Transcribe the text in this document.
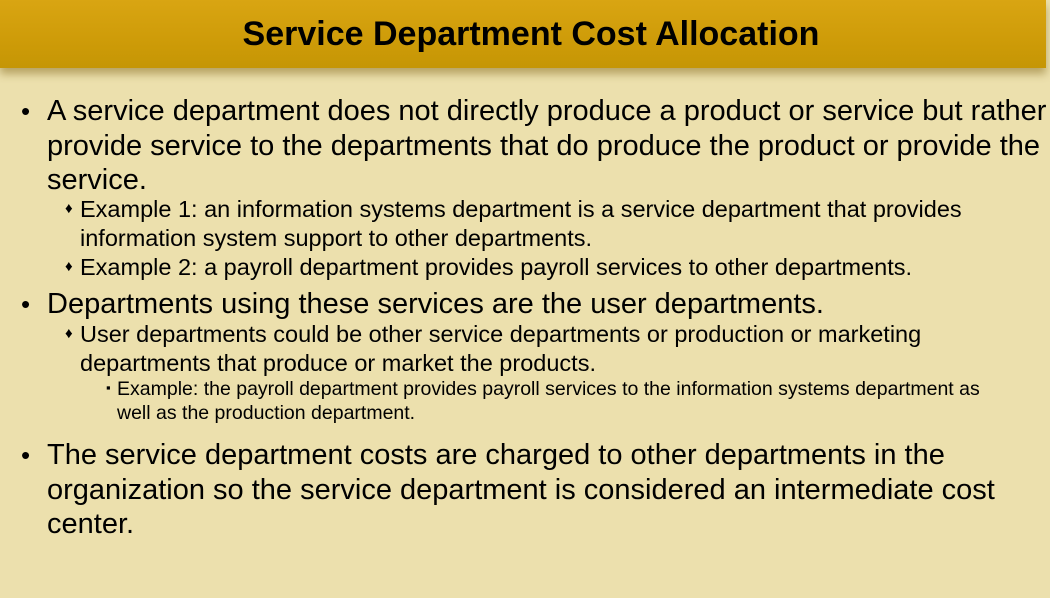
Service Department Cost Allocation
• A service department does not directly produce a product or service but rather provide service to the departments that do produce the product or provide the service.
♦ Example 1: an information systems department is a service department that provides information system support to other departments.
♦ Example 2: a payroll department provides payroll services to other departments.
• Departments using these services are the user departments.
♦ User departments could be other service departments or production or marketing departments that produce or market the products.
▪ Example: the payroll department provides payroll services to the information systems department as well as the production department.
• The service department costs are charged to other departments in the organization so the service department is considered an intermediate cost center.
